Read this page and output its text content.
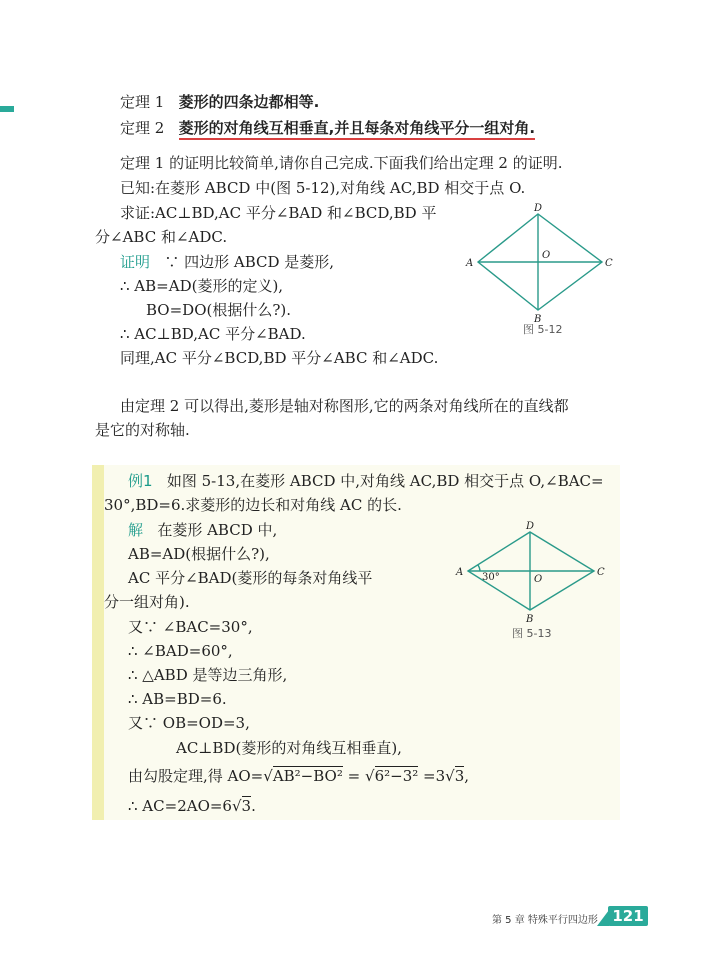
定理 1 菱形的四条边都相等.
定理 2 菱形的对角线互相垂直,并且每条对角线平分一组对角.
定理 1 的证明比较简单,请你自己完成.下面我们给出定理 2 的证明.
已知:在菱形 ABCD 中(图 5-12),对角线 AC,BD 相交于点 O.
求证:AC⊥BD,AC 平分∠BAD 和∠BCD,BD 平
分∠ABC 和∠ADC.
证明 ∵ 四边形 ABCD 是菱形,
∴ AB=AD(菱形的定义),
BO=DO(根据什么?).
∴ AC⊥BD,AC 平分∠BAD.
同理,AC 平分∠BCD,BD 平分∠ABC 和∠ADC.
A
D
C
B
O
图 5-12
由定理 2 可以得出,菱形是轴对称图形,它的两条对角线所在的直线都
是它的对称轴.
例1 如图 5-13,在菱形 ABCD 中,对角线 AC,BD 相交于点 O,∠BAC=
30°,BD=6.求菱形的边长和对角线 AC 的长.
解 在菱形 ABCD 中,
AB=AD(根据什么?),
AC 平分∠BAD(菱形的每条对角线平
分一组对角).
又∵ ∠BAC=30°,
∴ ∠BAD=60°,
∴ △ABD 是等边三角形,
∴ AB=BD=6.
又∵ OB=OD=3,
AC⊥BD(菱形的对角线互相垂直),
由勾股定理,得 AO=√AB²−BO² = √6²−3² =3√3,
∴ AC=2AO=6√3.
A
D
C
B
O
30°
图 5-13
第 5 章 特殊平行四边形 121
